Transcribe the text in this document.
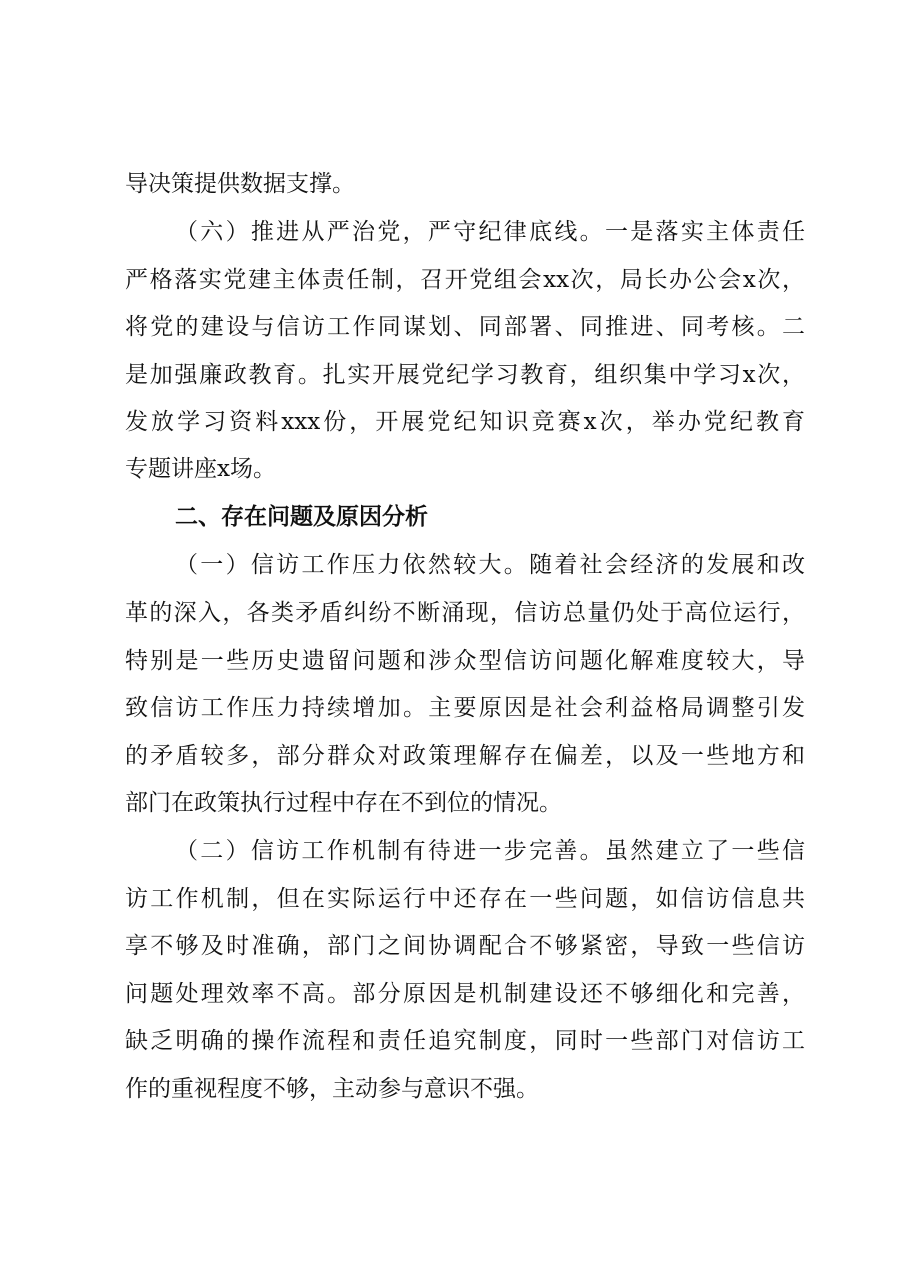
导决策提供数据支撑。
（六）推进从严治党，严守纪律底线。一是落实主体责任
严格落实党建主体责任制，召开党组会xx次，局长办公会x次，
将党的建设与信访工作同谋划、同部署、同推进、同考核。二
是加强廉政教育。扎实开展党纪学习教育，组织集中学习x次，
发放学习资料xxx份，开展党纪知识竞赛x次，举办党纪教育
专题讲座x场。
二、存在问题及原因分析
（一）信访工作压力依然较大。随着社会经济的发展和改
革的深入，各类矛盾纠纷不断涌现，信访总量仍处于高位运行，
特别是一些历史遗留问题和涉众型信访问题化解难度较大，导
致信访工作压力持续增加。主要原因是社会利益格局调整引发
的矛盾较多，部分群众对政策理解存在偏差，以及一些地方和
部门在政策执行过程中存在不到位的情况。
（二）信访工作机制有待进一步完善。虽然建立了一些信
访工作机制，但在实际运行中还存在一些问题，如信访信息共
享不够及时准确，部门之间协调配合不够紧密，导致一些信访
问题处理效率不高。部分原因是机制建设还不够细化和完善，
缺乏明确的操作流程和责任追究制度，同时一些部门对信访工
作的重视程度不够，主动参与意识不强。
